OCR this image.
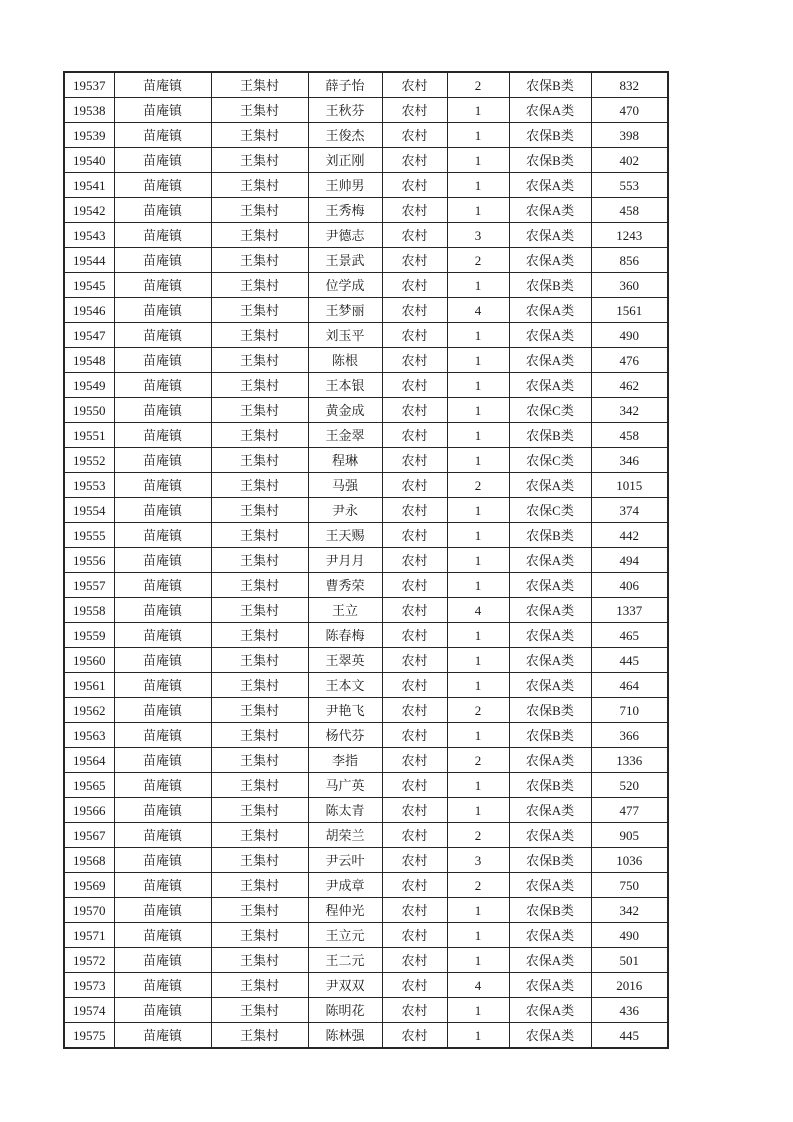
19537	苗庵镇	王集村	薛子怡	农村	2	农保B类	832
19538	苗庵镇	王集村	王秋芬	农村	1	农保A类	470
19539	苗庵镇	王集村	王俊杰	农村	1	农保B类	398
19540	苗庵镇	王集村	刘正刚	农村	1	农保B类	402
19541	苗庵镇	王集村	王帅男	农村	1	农保A类	553
19542	苗庵镇	王集村	王秀梅	农村	1	农保A类	458
19543	苗庵镇	王集村	尹德志	农村	3	农保A类	1243
19544	苗庵镇	王集村	王景武	农村	2	农保A类	856
19545	苗庵镇	王集村	位学成	农村	1	农保B类	360
19546	苗庵镇	王集村	王梦丽	农村	4	农保A类	1561
19547	苗庵镇	王集村	刘玉平	农村	1	农保A类	490
19548	苗庵镇	王集村	陈根	农村	1	农保A类	476
19549	苗庵镇	王集村	王本银	农村	1	农保A类	462
19550	苗庵镇	王集村	黄金成	农村	1	农保C类	342
19551	苗庵镇	王集村	王金翠	农村	1	农保B类	458
19552	苗庵镇	王集村	程琳	农村	1	农保C类	346
19553	苗庵镇	王集村	马强	农村	2	农保A类	1015
19554	苗庵镇	王集村	尹永	农村	1	农保C类	374
19555	苗庵镇	王集村	王天赐	农村	1	农保B类	442
19556	苗庵镇	王集村	尹月月	农村	1	农保A类	494
19557	苗庵镇	王集村	曹秀荣	农村	1	农保A类	406
19558	苗庵镇	王集村	王立	农村	4	农保A类	1337
19559	苗庵镇	王集村	陈春梅	农村	1	农保A类	465
19560	苗庵镇	王集村	王翠英	农村	1	农保A类	445
19561	苗庵镇	王集村	王本文	农村	1	农保A类	464
19562	苗庵镇	王集村	尹艳飞	农村	2	农保B类	710
19563	苗庵镇	王集村	杨代芬	农村	1	农保B类	366
19564	苗庵镇	王集村	李指	农村	2	农保A类	1336
19565	苗庵镇	王集村	马广英	农村	1	农保B类	520
19566	苗庵镇	王集村	陈太青	农村	1	农保A类	477
19567	苗庵镇	王集村	胡荣兰	农村	2	农保A类	905
19568	苗庵镇	王集村	尹云叶	农村	3	农保B类	1036
19569	苗庵镇	王集村	尹成章	农村	2	农保A类	750
19570	苗庵镇	王集村	程仲光	农村	1	农保B类	342
19571	苗庵镇	王集村	王立元	农村	1	农保A类	490
19572	苗庵镇	王集村	王二元	农村	1	农保A类	501
19573	苗庵镇	王集村	尹双双	农村	4	农保A类	2016
19574	苗庵镇	王集村	陈明花	农村	1	农保A类	436
19575	苗庵镇	王集村	陈林强	农村	1	农保A类	445
